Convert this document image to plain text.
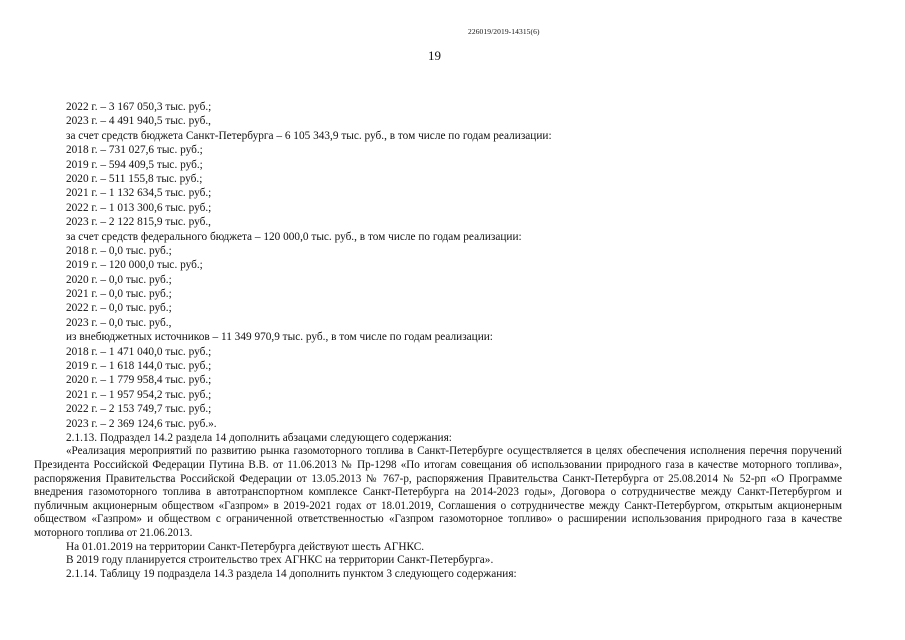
226019/2019-14315(6)
19
2022 г. – 3 167 050,3 тыс. руб.;
2023 г. – 4 491 940,5 тыс. руб.,
за счет средств бюджета Санкт-Петербурга – 6 105 343,9 тыс. руб., в том числе по годам реализации:
2018 г. – 731 027,6 тыс. руб.;
2019 г. – 594 409,5 тыс. руб.;
2020 г. – 511 155,8 тыс. руб.;
2021 г. – 1 132 634,5 тыс. руб.;
2022 г. – 1 013 300,6 тыс. руб.;
2023 г. – 2 122 815,9 тыс. руб.,
за счет средств федерального бюджета – 120 000,0 тыс. руб., в том числе по годам реализации:
2018 г. – 0,0 тыс. руб.;
2019 г. – 120 000,0 тыс. руб.;
2020 г. – 0,0 тыс. руб.;
2021 г. – 0,0 тыс. руб.;
2022 г. – 0,0 тыс. руб.;
2023 г. – 0,0 тыс. руб.,
из внебюджетных источников – 11 349 970,9 тыс. руб., в том числе по годам реализации:
2018 г. – 1 471 040,0 тыс. руб.;
2019 г. – 1 618 144,0 тыс. руб.;
2020 г. – 1 779 958,4 тыс. руб.;
2021 г. – 1 957 954,2 тыс. руб.;
2022 г. – 2 153 749,7 тыс. руб.;
2023 г. – 2 369 124,6 тыс. руб.».
2.1.13. Подраздел 14.2 раздела 14 дополнить абзацами следующего содержания:

«Реализация мероприятий по развитию рынка газомоторного топлива в Санкт-Петербурге осуществляется в целях обеспечения исполнения перечня поручений Президента Российской Федерации Путина В.В. от 11.06.2013 № Пр-1298 «По итогам совещания об использовании природного газа в качестве моторного топлива», распоряжения Правительства Российской Федерации от 13.05.2013 № 767-р, распоряжения Правительства Санкт-Петербурга от 25.08.2014 № 52-рп «О Программе внедрения газомоторного топлива в автотранспортном комплексе Санкт-Петербурга на 2014-2023 годы», Договора о сотрудничестве между Санкт-Петербургом и публичным акционерным обществом «Газпром» в 2019-2021 годах от 18.01.2019, Соглашения о сотрудничестве между Санкт-Петербургом, открытым акционерным обществом «Газпром» и обществом с ограниченной ответственностью «Газпром газомоторное топливо» о расширении использования природного газа в качестве моторного топлива от 21.06.2013.

На 01.01.2019 на территории Санкт-Петербурга действуют шесть АГНКС.
В 2019 году планируется строительство трех АГНКС на территории Санкт-Петербурга».
2.1.14. Таблицу 19 подраздела 14.3 раздела 14 дополнить пунктом 3 следующего содержания:
